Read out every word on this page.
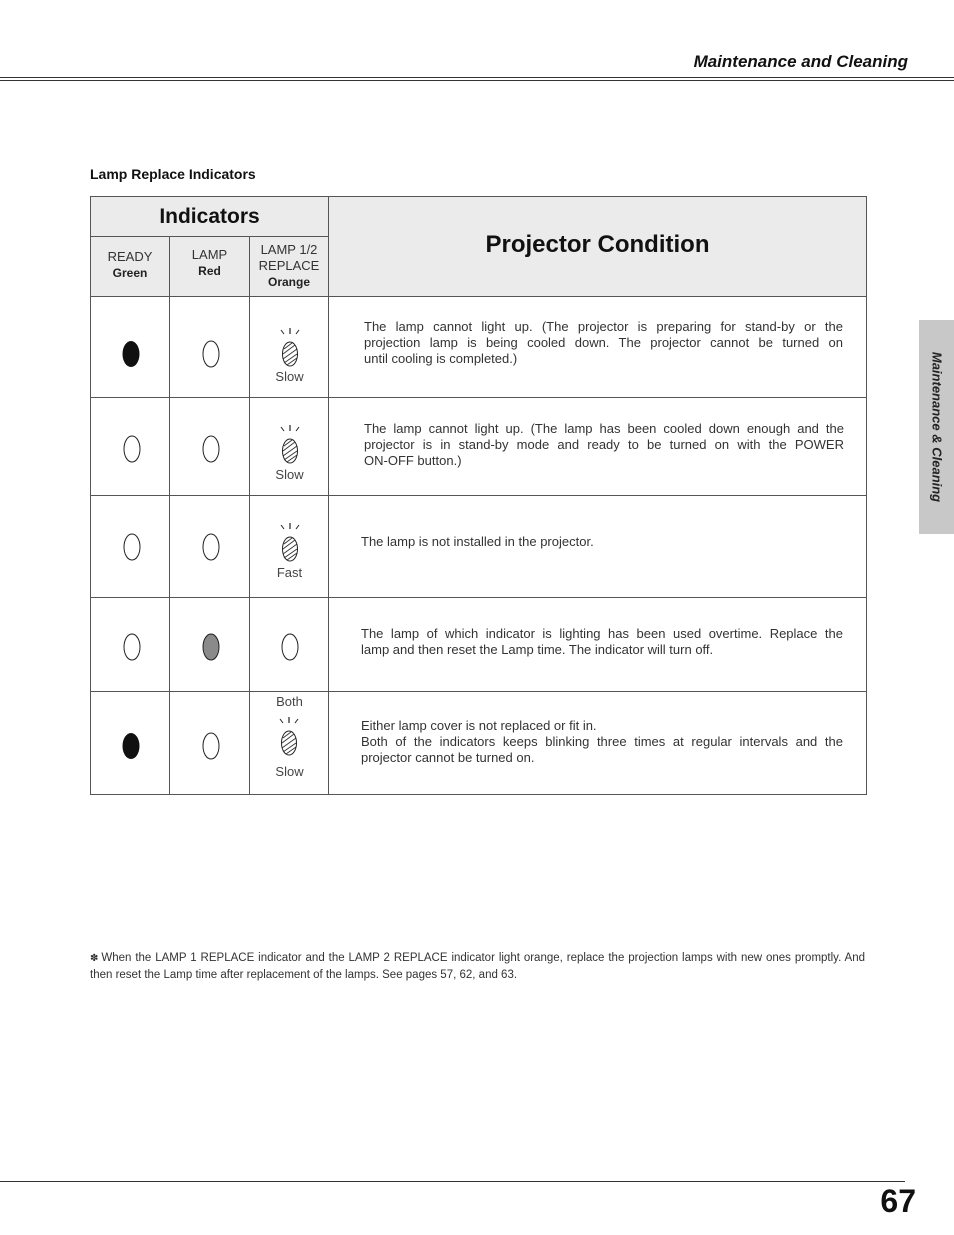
Maintenance and Cleaning
Maintenance & Cleaning
Lamp Replace Indicators
Indicators
Projector Condition
READY
Green
LAMP
Red
LAMP 1/2
REPLACE
Orange
Slow
The lamp cannot light up. (The projector is preparing for stand-by or the
projection lamp is being cooled down. The projector cannot be turned on
until cooling is completed.)
Slow
The lamp cannot light up. (The lamp has been cooled down enough and the
projector is in stand-by mode and ready to be turned on with the POWER
ON-OFF button.)
Fast
The lamp is not installed in the projector.
The lamp of which indicator is lighting has been used overtime. Replace the
lamp and then reset the Lamp time. The indicator will turn off.
Both
Slow
Either lamp cover is not replaced or fit in.
Both of the indicators keeps blinking three times at regular intervals and the
projector cannot be turned on.
✽ When the LAMP 1 REPLACE indicator and the LAMP 2 REPLACE indicator light orange, replace the projection lamps with new ones promptly. And then reset the Lamp time after replacement of the lamps. See pages 57, 62, and 63.
67
